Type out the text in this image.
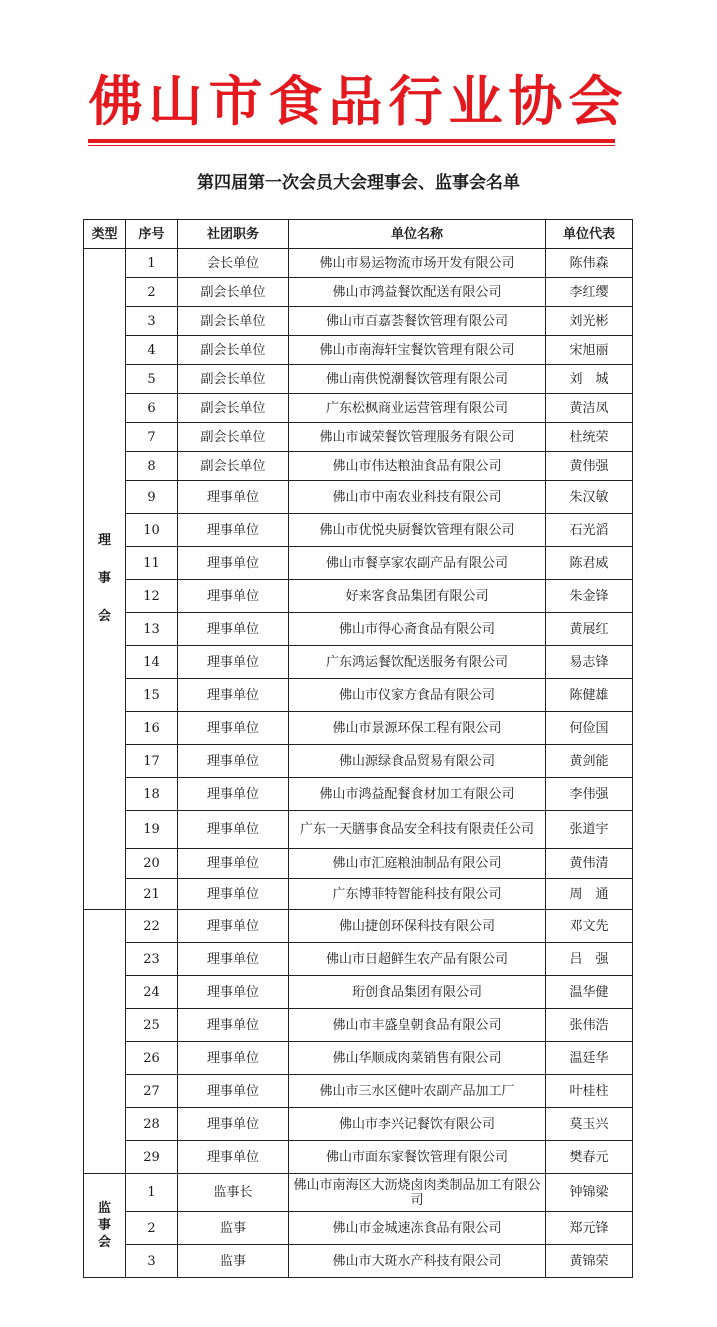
佛山市食品行业协会
第四届第一次会员大会理事会、监事会名单
类型	序号	社团职务	单位名称	单位代表
理事会	1	会长单位	佛山市易运物流市场开发有限公司	陈伟森
	2	副会长单位	佛山市鸿益餐饮配送有限公司	李红缨
	3	副会长单位	佛山市百嘉荟餐饮管理有限公司	刘光彬
	4	副会长单位	佛山市南海轩宝餐饮管理有限公司	宋旭丽
	5	副会长单位	佛山南供悦潮餐饮管理有限公司	刘　城
	6	副会长单位	广东松枫商业运营管理有限公司	黄洁凤
	7	副会长单位	佛山市诚荣餐饮管理服务有限公司	杜统荣
	8	副会长单位	佛山市伟达粮油食品有限公司	黄伟强
	9	理事单位	佛山市中南农业科技有限公司	朱汉敏
	10	理事单位	佛山市优悦央厨餐饮管理有限公司	石光滔
	11	理事单位	佛山市餐享家农副产品有限公司	陈君威
	12	理事单位	好来客食品集团有限公司	朱金锋
	13	理事单位	佛山市得心斋食品有限公司	黄展红
	14	理事单位	广东鸿运餐饮配送服务有限公司	易志锋
	15	理事单位	佛山市仪家方食品有限公司	陈健雄
	16	理事单位	佛山市景源环保工程有限公司	何俭国
	17	理事单位	佛山源绿食品贸易有限公司	黄剑能
	18	理事单位	佛山市鸿益配餐食材加工有限公司	李伟强
	19	理事单位	广东一天膳事食品安全科技有限责任公司	张道宇
	20	理事单位	佛山市汇庭粮油制品有限公司	黄伟清
	21	理事单位	广东博菲特智能科技有限公司	周　通
	22	理事单位	佛山捷创环保科技有限公司	邓文先
	23	理事单位	佛山市日超鲜生农产品有限公司	吕　强
	24	理事单位	珩创食品集团有限公司	温华健
	25	理事单位	佛山市丰盛皇朝食品有限公司	张伟浩
	26	理事单位	佛山华顺成肉菜销售有限公司	温廷华
	27	理事单位	佛山市三水区健叶农副产品加工厂	叶桂柱
	28	理事单位	佛山市李兴记餐饮有限公司	莫玉兴
	29	理事单位	佛山市面东家餐饮管理有限公司	樊春元
监事会	1	监事长	佛山市南海区大沥烧卤肉类制品加工有限公司	钟锦梁
	2	监事	佛山市金城速冻食品有限公司	郑元锋
	3	监事	佛山市大斑水产科技有限公司	黄锦荣
